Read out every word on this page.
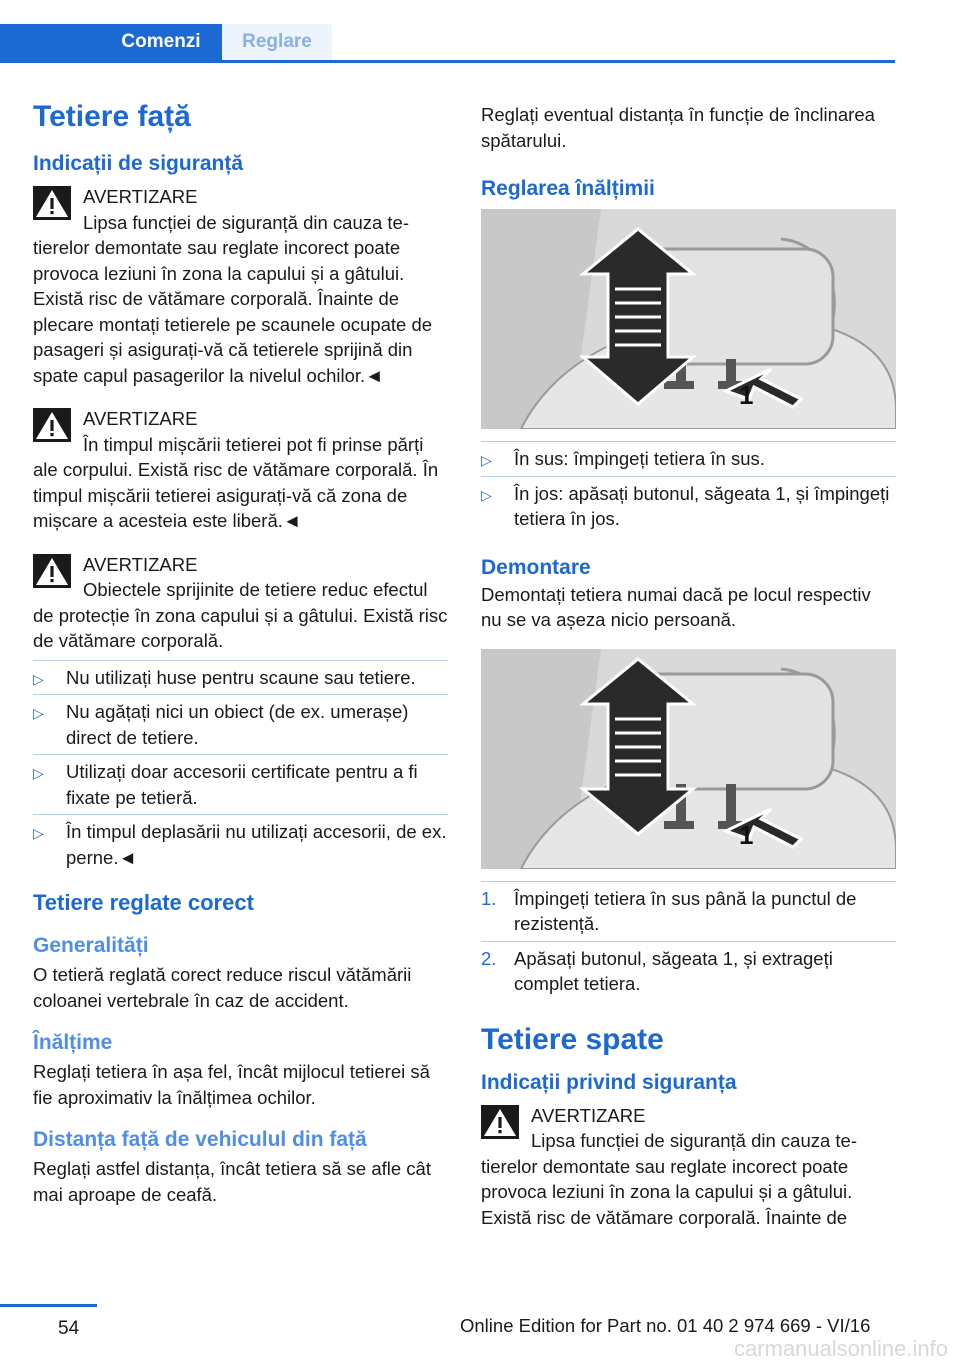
Comenzi Reglare
Tetiere față
Indicații de siguranță
AVERTIZARE
Lipsa funcției de siguranță din cauza tetierelor demontate sau reglate incorect poate provoca leziuni în zona la capului și a gâtului. Există risc de vătămare corporală. Înainte de plecare montați tetierele pe scaunele ocupate de pasageri și asigurați-vă că tetierele sprijină din spate capul pasagerilor la nivelul ochilor.◄
AVERTIZARE
În timpul mișcării tetierei pot fi prinse părți ale corpului. Există risc de vătămare corporală. În timpul mișcării tetierei asigurați-vă că zona de mișcare a acesteia este liberă.◄
AVERTIZARE
Obiectele sprijinite de tetiere reduc efectul de protecție în zona capului și a gâtului. Există risc de vătămare corporală.
▷ Nu utilizați huse pentru scaune sau tetiere.
▷ Nu agățați nici un obiect (de ex. umerașe) direct de tetiere.
▷ Utilizați doar accesorii certificate pentru a fi fixate pe tetieră.
▷ În timpul deplasării nu utilizați accesorii, de ex. perne.◄
Tetiere reglate corect
Generalități

O tetieră reglată corect reduce riscul vătămării coloanei vertebrale în caz de accident.

Înălțime

Reglați tetiera în așa fel, încât mijlocul tetierei să fie aproximativ la înălțimea ochilor.

Distanța față de vehiculul din față

Reglați astfel distanța, încât tetiera să se afle cât mai aproape de ceafă.

Reglați eventual distanța în funcție de înclinarea spătarului.

Reglarea înălțimii
1
▷ În sus: împingeți tetiera în sus.
▷ În jos: apăsați butonul, săgeata 1, și împingeți tetiera în jos.
Demontare

Demontați tetiera numai dacă pe locul respectiv nu se va așeza nicio persoană.

1
1. Împingeți tetiera în sus până la punctul de rezistență.
2. Apăsați butonul, săgeata 1, și extrageți complet tetiera.
Tetiere spate
Indicații privind siguranța
AVERTIZARE
Lipsa funcției de siguranță din cauza tetierelor demontate sau reglate incorect poate provoca leziuni în zona la capului și a gâtului. Există risc de vătămare corporală. Înainte de
54	Online Edition for Part no. 01 40 2 974 669 - VI/16
carmanualsonline.info
